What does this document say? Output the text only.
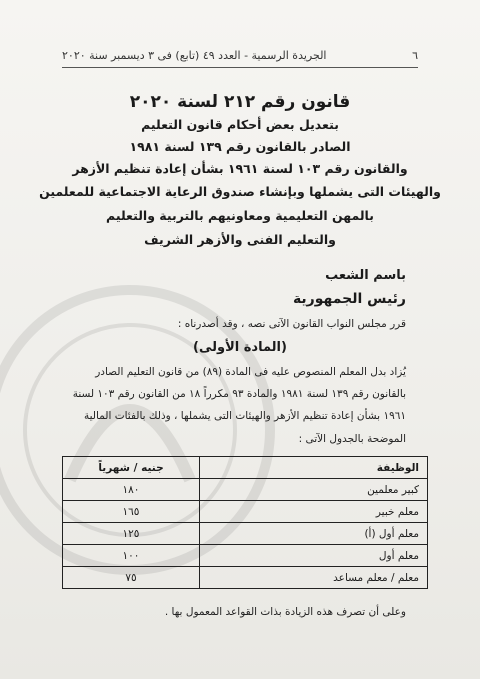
٦
الجريدة الرسمية - العدد ٤٩ (تابع) فى ٣ ديسمبر سنة ٢٠٢٠
قانون رقم ٢١٢ لسنة ٢٠٢٠
بتعديل بعض أحكام قانون التعليم
الصادر بالقانون رقم ١٣٩ لسنة ١٩٨١
والقانون رقم ١٠٣ لسنة ١٩٦١ بشأن إعادة تنظيم الأزهر
والهيئات التى يشملها وبإنشاء صندوق الرعاية الاجتماعية للمعلمين
بالمهن التعليمية ومعاونيهم بالتربية والتعليم
والتعليم الفنى والأزهر الشريف
باسم الشعب
رئيس الجمهورية
قرر مجلس النواب القانون الآتى نصه ، وقد أصدرناه :
(المادة الأولى)
يُزاد بدل المعلم المنصوص عليه فى المادة (٨٩) من قانون التعليم الصادر
بالقانون رقم ١٣٩ لسنة ١٩٨١ والمادة ٩٣ مكرراً ١٨ من القانون رقم ١٠٣ لسنة
١٩٦١ بشأن إعادة تنظيم الأزهر والهيئات التى يشملها ، وذلك بالفئات المالية
الموضحة بالجدول الآتى :
الوظيفة	جنيه / شهرياً
كبير معلمين	١٨٠
معلم خبير	١٦٥
معلم أول (أ)	١٢٥
معلم أول	١٠٠
معلم / معلم مساعد	٧٥
وعلى أن تصرف هذه الزيادة بذات القواعد المعمول بها .
